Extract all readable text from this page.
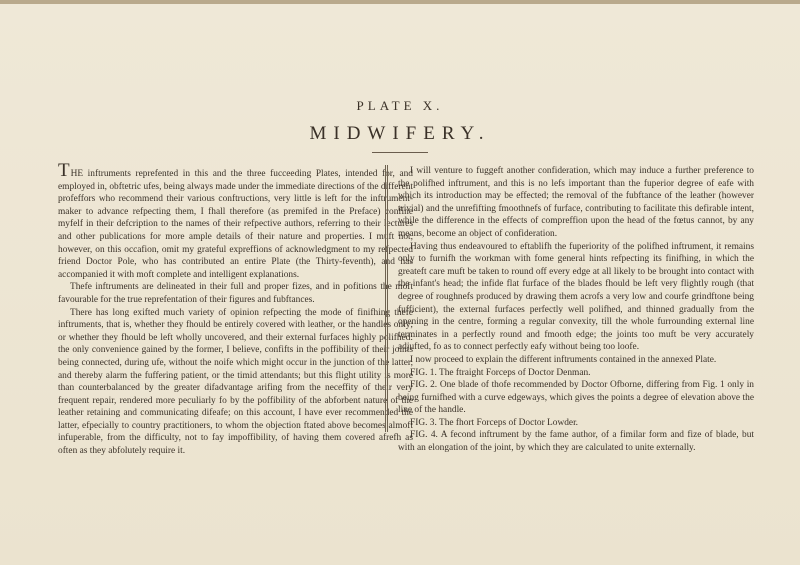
PLATE X.
MIDWIFERY.

THE inftruments reprefented in this and the three fucceeding Plates, intended for, and employed in, obftetric ufes, being always made under the immediate directions of the different profeffors who recommend their various conftructions, very little is left for the inftrument-maker to advance refpecting them, I fhall therefore (as premifed in the Preface) confine myfelf in their defcription to the names of their refpective authors, referring to their lectures and other publications for more ample details of their nature and properties. I muft not, however, on this occafion, omit my grateful expreffions of acknowledgment to my refpected friend Doctor Pole, who has contributed an entire Plate (the Thirty-feventh), and has accompanied it with moft complete and intelligent explanations.

Thefe inftruments are delineated in their full and proper fizes, and in pofitions the moft favourable for the true reprefentation of their figures and fubftances.

There has long exifted much variety of opinion refpecting the mode of finifhing thefe inftruments, that is, whether they fhould be entirely covered with leather, or the handles only; or whether they fhould be left wholly uncovered, and their external furfaces highly polifhed: the only convenience gained by the former, I believe, confifts in the poffibility of their joints being connected, during ufe, without the noife which might occur in the junction of the latter, and thereby alarm the fuffering patient, or the timid attendants; but this flight utility is more than counterbalanced by the greater difadvantage arifing from the neceffity of their very frequent repair, rendered more peculiarly fo by the poffibility of the abforbent nature of the leather retaining and communicating difeafe; on this account, I have ever recommended the latter, efpecially to country practitioners, to whom the objection ftated above becomes almoft infuperable, from the difficulty, not to fay impoffibility, of having them covered afrefh as often as they abfolutely require it.

I will venture to fuggeft another confideration, which may induce a further preference to the polifhed inftrument, and this is no lefs important than the fuperior degree of eafe with which its introduction may be effected; the removal of the fubftance of the leather (however trivial) and the unrefifting fmoothnefs of furface, contributing to facilitate this defirable intent, while the difference in the effects of compreffion upon the head of the fœtus cannot, by any means, become an object of confideration.

Having thus endeavoured to eftablifh the fuperiority of the polifhed inftrument, it remains only to furnifh the workman with fome general hints refpecting its finifhing, in which the greateft care muft be taken to round off every edge at all likely to be brought into contact with the infant's head; the infide flat furface of the blades fhould be left very flightly rough (that degree of roughnefs produced by drawing them acrofs a very low and courfe grindftone being fufficient), the external furfaces perfectly well polifhed, and thinned gradually from the opening in the centre, forming a regular convexity, till the whole furrounding external line terminates in a perfectly round and fmooth edge; the joints too muft be very accurately adjufted, fo as to connect perfectly eafy without being too loofe.

I now proceed to explain the different inftruments contained in the annexed Plate.

FIG. 1. The ftraight Forceps of Doctor Denman.

FIG. 2. One blade of thofe recommended by Doctor Ofborne, differing from Fig. 1 only in being furnifhed with a curve edgeways, which gives the points a degree of elevation above the line of the handle.

FIG. 3. The fhort Forceps of Doctor Lowder.

FIG. 4. A fecond inftrument by the fame author, of a fimilar form and fize of blade, but with an elongation of the joint, by which they are calculated to unite externally.
